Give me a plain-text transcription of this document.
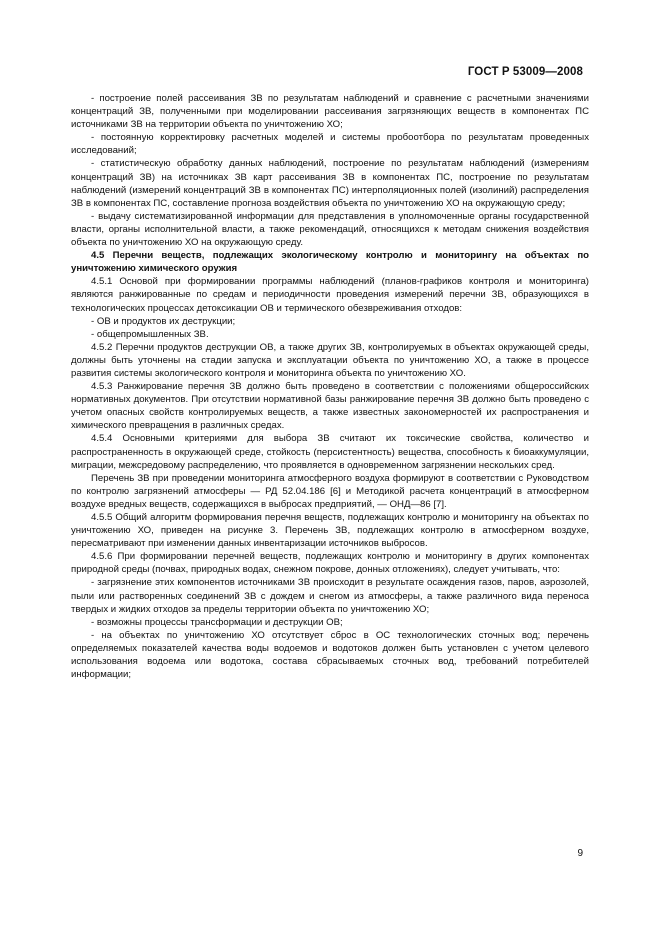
ГОСТ Р 53009—2008

- построение полей рассеивания ЗВ по результатам наблюдений и сравнение с расчетными значениями концентраций ЗВ, полученными при моделировании рассеивания загрязняющих веществ в компонентах ПС источниками ЗВ на территории объекта по уничтожению ХО;

- постоянную корректировку расчетных моделей и системы пробоотбора по результатам проведенных исследований;

- статистическую обработку данных наблюдений, построение по результатам наблюдений (измерениям концентраций ЗВ) на источниках ЗВ карт рассеивания ЗВ в компонентах ПС, построение по результатам наблюдений (измерений концентраций ЗВ в компонентах ПС) интерполяционных полей (изолиний) распределения ЗВ в компонентах ПС, составление прогноза воздействия объекта по уничтожению ХО на окружающую среду;

- выдачу систематизированной информации для представления в уполномоченные органы государственной власти, органы исполнительной власти, а также рекомендаций, относящихся к методам снижения воздействия объекта по уничтожению ХО на окружающую среду.

4.5 Перечни веществ, подлежащих экологическому контролю и мониторингу на объектах по уничтожению химического оружия

4.5.1 Основой при формировании программы наблюдений (планов-графиков контроля и мониторинга) являются ранжированные по средам и периодичности проведения измерений перечни ЗВ, образующихся в технологических процессах детоксикации ОВ и термического обезвреживания отходов:

- ОВ и продуктов их деструкции;

- общепромышленных ЗВ.

4.5.2 Перечни продуктов деструкции ОВ, а также других ЗВ, контролируемых в объектах окружающей среды, должны быть уточнены на стадии запуска и эксплуатации объекта по уничтожению ХО, а также в процессе развития системы экологического контроля и мониторинга объекта по уничтожению ХО.

4.5.3 Ранжирование перечня ЗВ должно быть проведено в соответствии с положениями общероссийских нормативных документов. При отсутствии нормативной базы ранжирование перечня ЗВ должно быть проведено с учетом опасных свойств контролируемых веществ, а также известных закономерностей их распространения и химического превращения в различных средах.

4.5.4 Основными критериями для выбора ЗВ считают их токсические свойства, количество и распространенность в окружающей среде, стойкость (персистентность) вещества, способность к биоаккумуляции, миграции, межсредовому распределению, что проявляется в одновременном загрязнении нескольких сред.

Перечень ЗВ при проведении мониторинга атмосферного воздуха формируют в соответствии с Руководством по контролю загрязнений атмосферы — РД 52.04.186 [6] и Методикой расчета концентраций в атмосферном воздухе вредных веществ, содержащихся в выбросах предприятий, — ОНД—86 [7].

4.5.5 Общий алгоритм формирования перечня веществ, подлежащих контролю и мониторингу на объектах по уничтожению ХО, приведен на рисунке 3. Перечень ЗВ, подлежащих контролю в атмосферном воздухе, пересматривают при изменении данных инвентаризации источников выбросов.

4.5.6 При формировании перечней веществ, подлежащих контролю и мониторингу в других компонентах природной среды (почвах, природных водах, снежном покрове, донных отложениях), следует учитывать, что:

- загрязнение этих компонентов источниками ЗВ происходит в результате осаждения газов, паров, аэрозолей, пыли или растворенных соединений ЗВ с дождем и снегом из атмосферы, а также различного вида переноса твердых и жидких отходов за пределы территории объекта по уничтожению ХО;

- возможны процессы трансформации и деструкции ОВ;

- на объектах по уничтожению ХО отсутствует сброс в ОС технологических сточных вод; перечень определяемых показателей качества воды водоемов и водотоков должен быть установлен с учетом целевого использования водоема или водотока, состава сбрасываемых сточных вод, требований потребителей информации;

9
